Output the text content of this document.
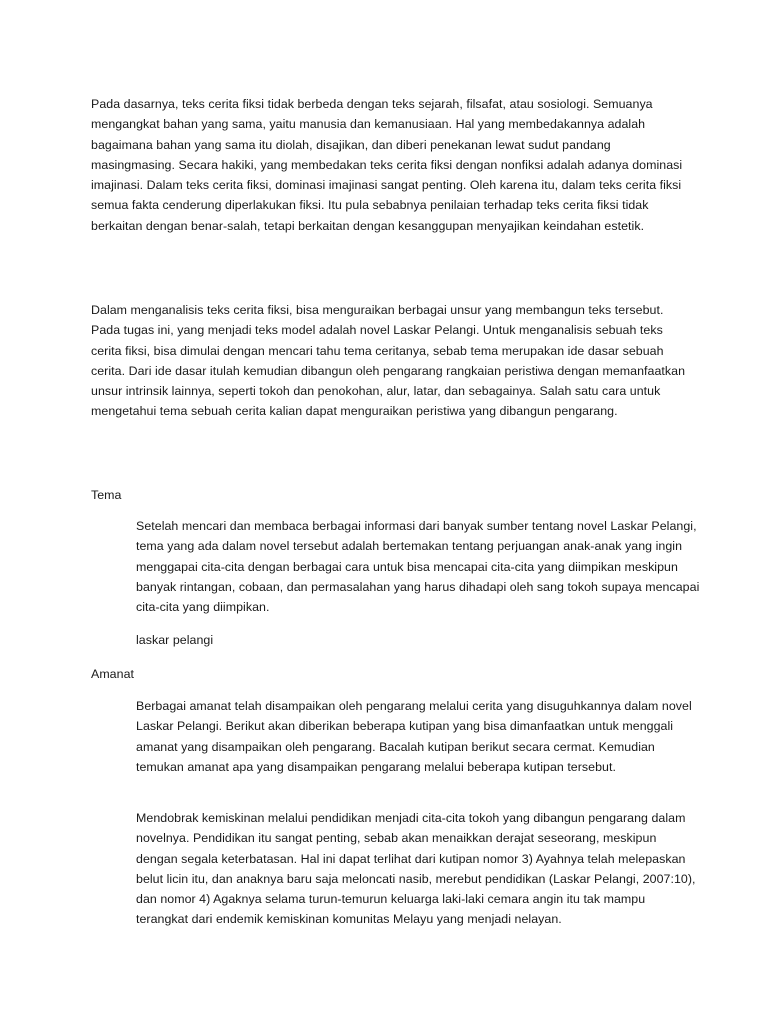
Pada dasarnya, teks cerita fiksi tidak berbeda dengan teks sejarah, filsafat, atau sosiologi. Semuanya mengangkat bahan yang sama, yaitu manusia dan kemanusiaan. Hal yang membedakannya adalah bagaimana bahan yang sama itu diolah, disajikan, dan diberi penekanan lewat sudut pandang masingmasing. Secara hakiki, yang membedakan teks cerita fiksi dengan nonfiksi adalah adanya dominasi imajinasi. Dalam teks cerita fiksi, dominasi imajinasi sangat penting. Oleh karena itu, dalam teks cerita fiksi semua fakta cenderung diperlakukan fiksi. Itu pula sebabnya penilaian terhadap teks cerita fiksi tidak berkaitan dengan benar-salah, tetapi berkaitan dengan kesanggupan menyajikan keindahan estetik.

Dalam menganalisis teks cerita fiksi, bisa menguraikan berbagai unsur yang membangun teks tersebut. Pada tugas ini, yang menjadi teks model adalah novel Laskar Pelangi. Untuk menganalisis sebuah teks cerita fiksi, bisa dimulai dengan mencari tahu tema ceritanya, sebab tema merupakan ide dasar sebuah cerita. Dari ide dasar itulah kemudian dibangun oleh pengarang rangkaian peristiwa dengan memanfaatkan unsur intrinsik lainnya, seperti tokoh dan penokohan, alur, latar, dan sebagainya. Salah satu cara untuk mengetahui tema sebuah cerita kalian dapat menguraikan peristiwa yang dibangun pengarang.

Tema

Setelah mencari dan membaca berbagai informasi dari banyak sumber tentang novel Laskar Pelangi, tema yang ada dalam novel tersebut adalah bertemakan tentang perjuangan anak-anak yang ingin menggapai cita-cita dengan berbagai cara untuk bisa mencapai cita-cita yang diimpikan meskipun banyak rintangan, cobaan, dan permasalahan yang harus dihadapi oleh sang tokoh supaya mencapai cita-cita yang diimpikan.

laskar pelangi

Amanat

Berbagai amanat telah disampaikan oleh pengarang melalui cerita yang disuguhkannya dalam novel Laskar Pelangi. Berikut akan diberikan beberapa kutipan yang bisa dimanfaatkan untuk menggali amanat yang disampaikan oleh pengarang. Bacalah kutipan berikut secara cermat. Kemudian temukan amanat apa yang disampaikan pengarang melalui beberapa kutipan tersebut.

Mendobrak kemiskinan melalui pendidikan menjadi cita-cita tokoh yang dibangun pengarang dalam novelnya. Pendidikan itu sangat penting, sebab akan menaikkan derajat seseorang, meskipun dengan segala keterbatasan. Hal ini dapat terlihat dari kutipan nomor 3) Ayahnya telah melepaskan belut licin itu, dan anaknya baru saja meloncati nasib, merebut pendidikan (Laskar Pelangi, 2007:10), dan nomor 4) Agaknya selama turun-temurun keluarga laki-laki cemara angin itu tak mampu terangkat dari endemik kemiskinan komunitas Melayu yang menjadi nelayan.
